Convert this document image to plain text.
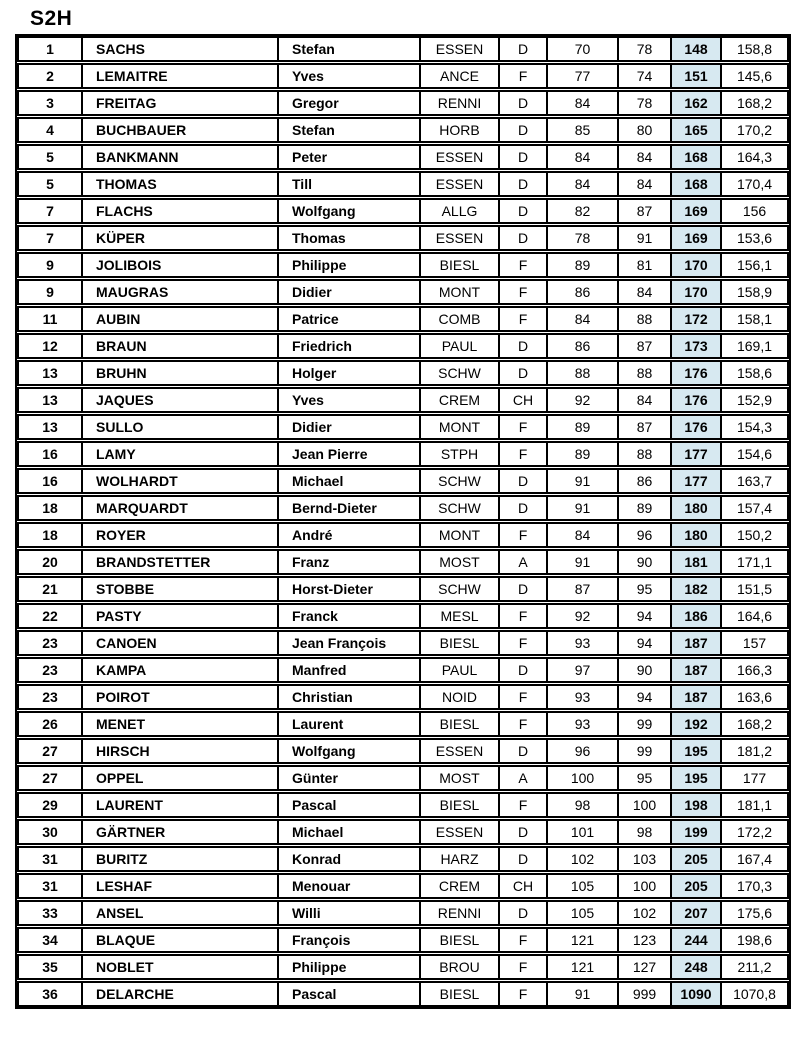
S2H
1	SACHS	Stefan	ESSEN	D	70	78	148	158,8
2	LEMAITRE	Yves	ANCE	F	77	74	151	145,6
3	FREITAG	Gregor	RENNI	D	84	78	162	168,2
4	BUCHBAUER	Stefan	HORB	D	85	80	165	170,2
5	BANKMANN	Peter	ESSEN	D	84	84	168	164,3
5	THOMAS	Till	ESSEN	D	84	84	168	170,4
7	FLACHS	Wolfgang	ALLG	D	82	87	169	156
7	KÜPER	Thomas	ESSEN	D	78	91	169	153,6
9	JOLIBOIS	Philippe	BIESL	F	89	81	170	156,1
9	MAUGRAS	Didier	MONT	F	86	84	170	158,9
11	AUBIN	Patrice	COMB	F	84	88	172	158,1
12	BRAUN	Friedrich	PAUL	D	86	87	173	169,1
13	BRUHN	Holger	SCHW	D	88	88	176	158,6
13	JAQUES	Yves	CREM	CH	92	84	176	152,9
13	SULLO	Didier	MONT	F	89	87	176	154,3
16	LAMY	Jean Pierre	STPH	F	89	88	177	154,6
16	WOLHARDT	Michael	SCHW	D	91	86	177	163,7
18	MARQUARDT	Bernd-Dieter	SCHW	D	91	89	180	157,4
18	ROYER	André	MONT	F	84	96	180	150,2
20	BRANDSTETTER	Franz	MOST	A	91	90	181	171,1
21	STOBBE	Horst-Dieter	SCHW	D	87	95	182	151,5
22	PASTY	Franck	MESL	F	92	94	186	164,6
23	CANOEN	Jean François	BIESL	F	93	94	187	157
23	KAMPA	Manfred	PAUL	D	97	90	187	166,3
23	POIROT	Christian	NOID	F	93	94	187	163,6
26	MENET	Laurent	BIESL	F	93	99	192	168,2
27	HIRSCH	Wolfgang	ESSEN	D	96	99	195	181,2
27	OPPEL	Günter	MOST	A	100	95	195	177
29	LAURENT	Pascal	BIESL	F	98	100	198	181,1
30	GÄRTNER	Michael	ESSEN	D	101	98	199	172,2
31	BURITZ	Konrad	HARZ	D	102	103	205	167,4
31	LESHAF	Menouar	CREM	CH	105	100	205	170,3
33	ANSEL	Willi	RENNI	D	105	102	207	175,6
34	BLAQUE	François	BIESL	F	121	123	244	198,6
35	NOBLET	Philippe	BROU	F	121	127	248	211,2
36	DELARCHE	Pascal	BIESL	F	91	999	1090	1070,8
